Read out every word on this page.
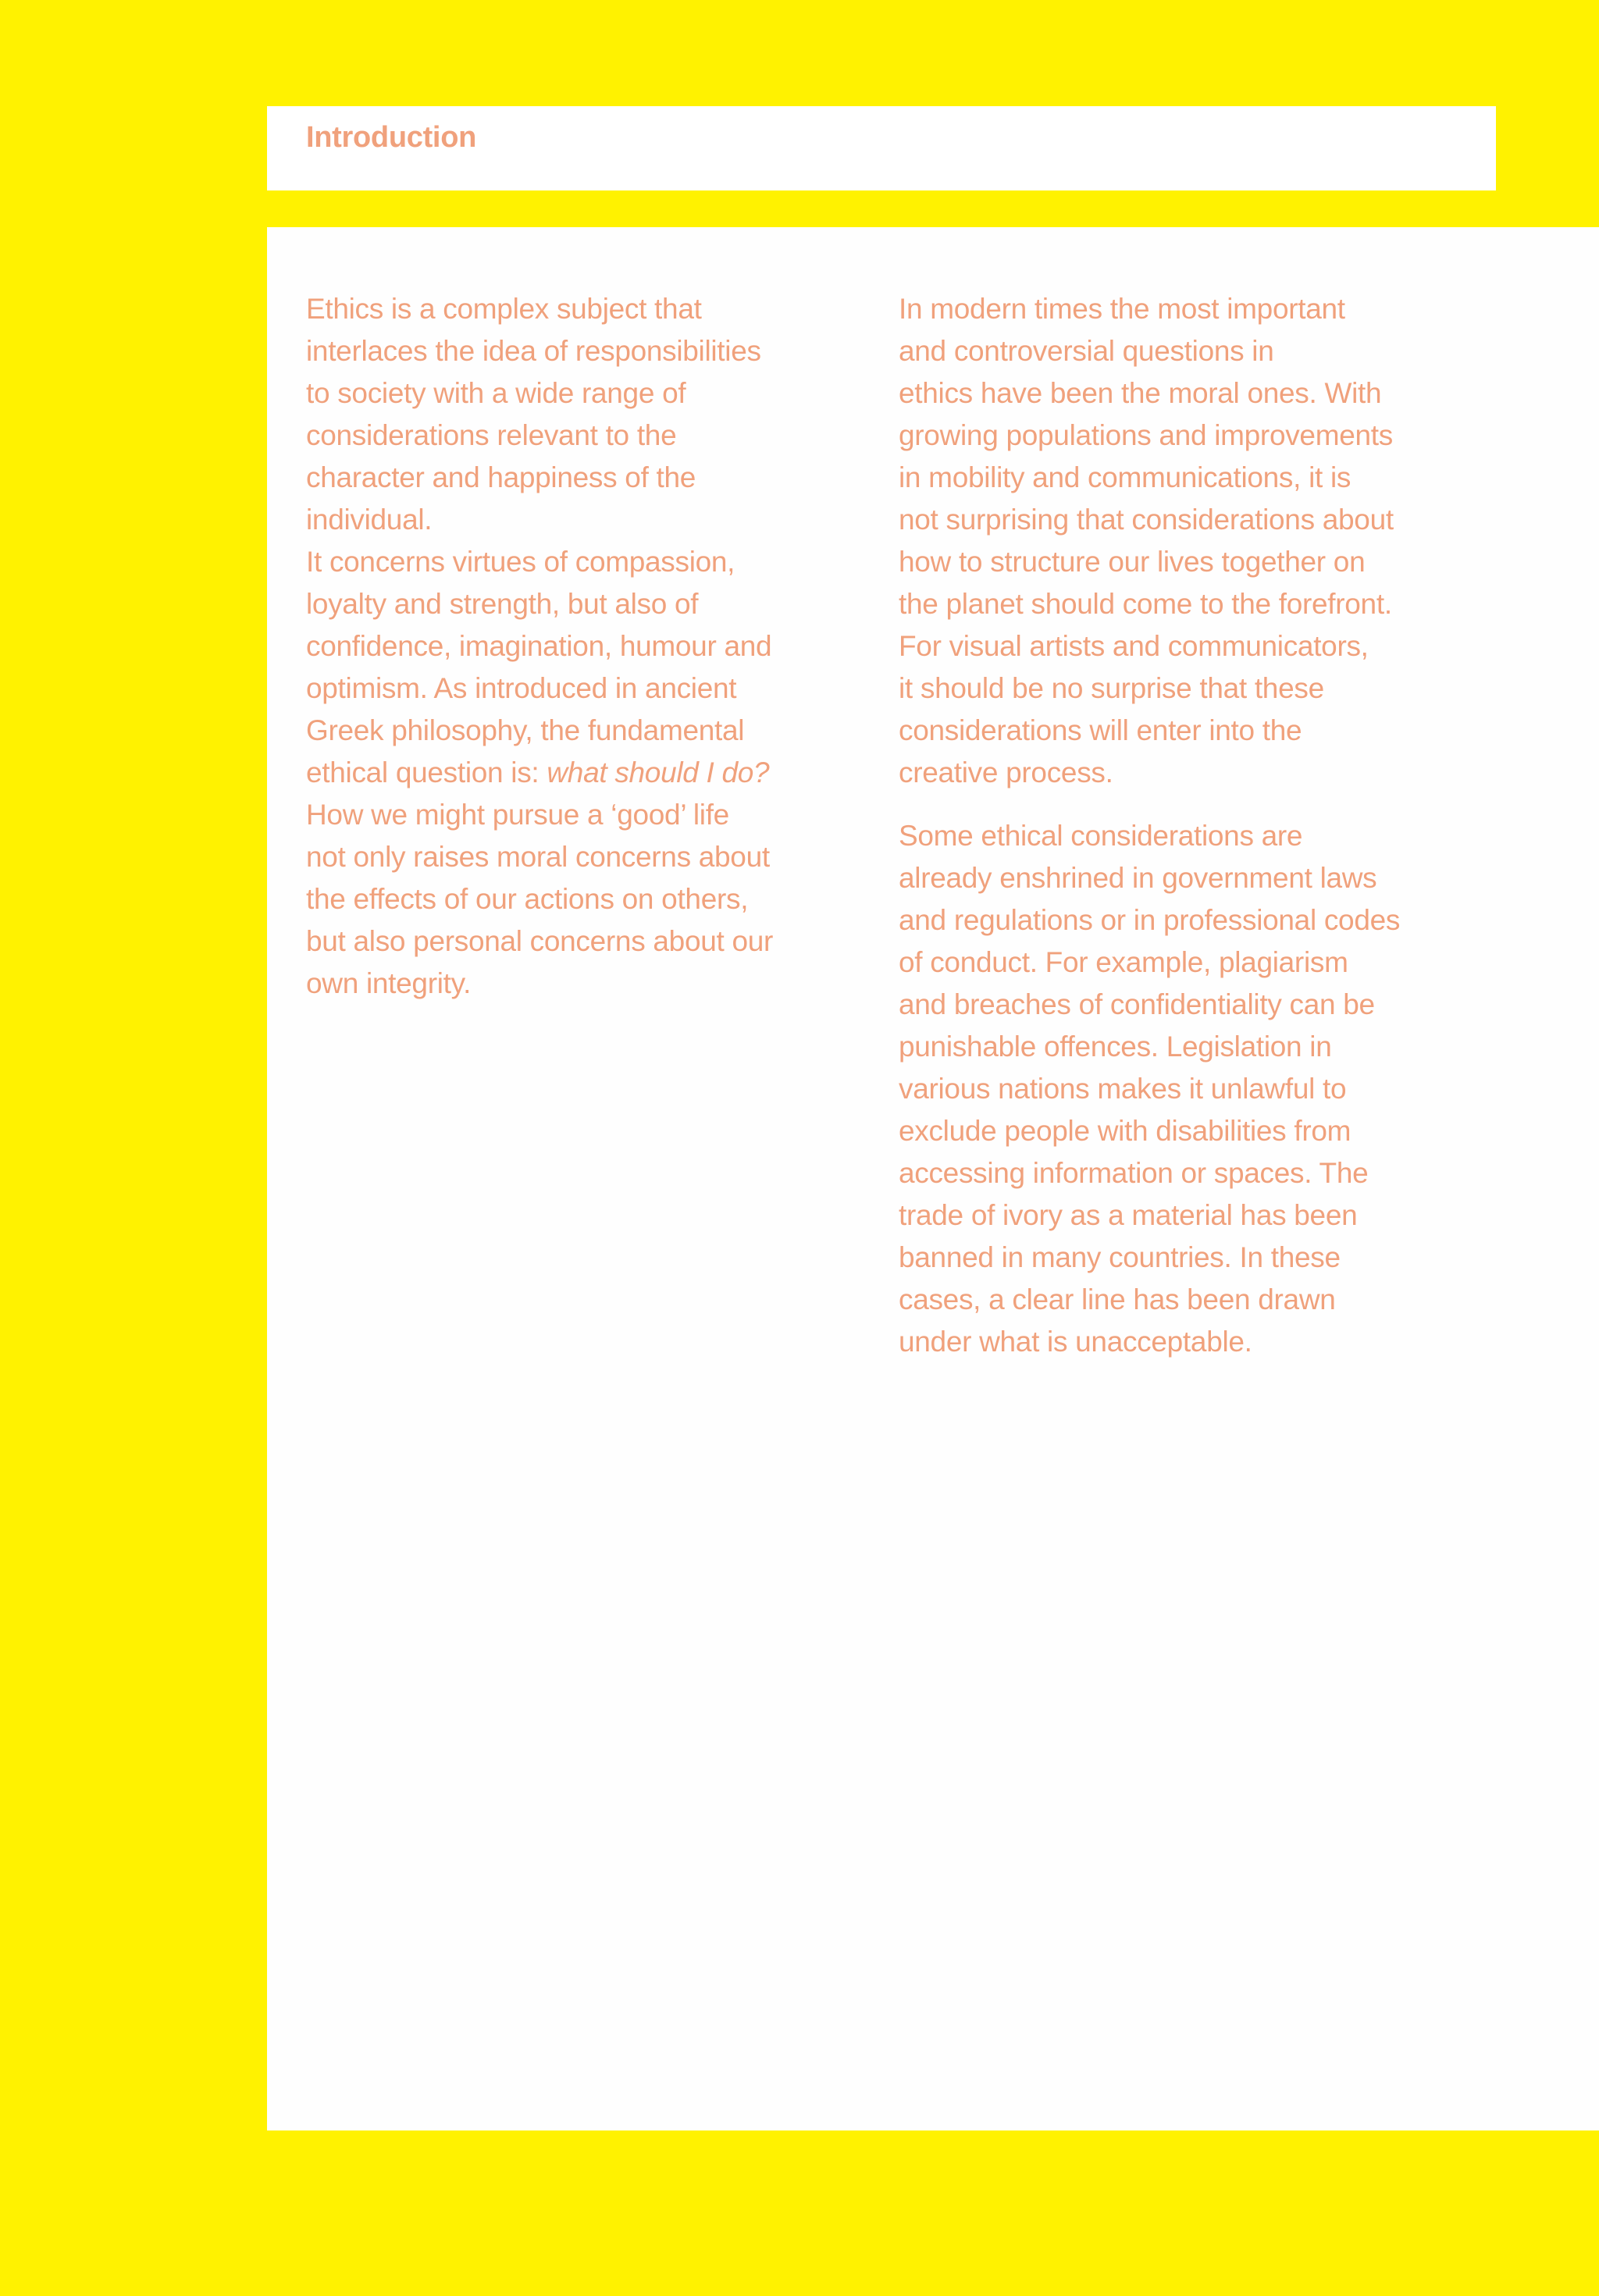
Introduction

Ethics is a complex subject that
interlaces the idea of responsibilities
to society with a wide range of
considerations relevant to the
character and happiness of the
individual.

It concerns virtues of compassion,
loyalty and strength, but also of
confidence, imagination, humour and
optimism. As introduced in ancient
Greek philosophy, the fundamental
ethical question is: what should I do?
How we might pursue a ‘good’ life
not only raises moral concerns about
the effects of our actions on others,
but also personal concerns about our
own integrity.

In modern times the most important
and controversial questions in
ethics have been the moral ones. With
growing populations and improvements
in mobility and communications, it is
not surprising that considerations about
how to structure our lives together on
the planet should come to the forefront.
For visual artists and communicators,
it should be no surprise that these
considerations will enter into the
creative process.

Some ethical considerations are
already enshrined in government laws
and regulations or in professional codes
of conduct. For example, plagiarism
and breaches of confidentiality can be
punishable offences. Legislation in
various nations makes it unlawful to
exclude people with disabilities from
accessing information or spaces. The
trade of ivory as a material has been
banned in many countries. In these
cases, a clear line has been drawn
under what is unacceptable.
